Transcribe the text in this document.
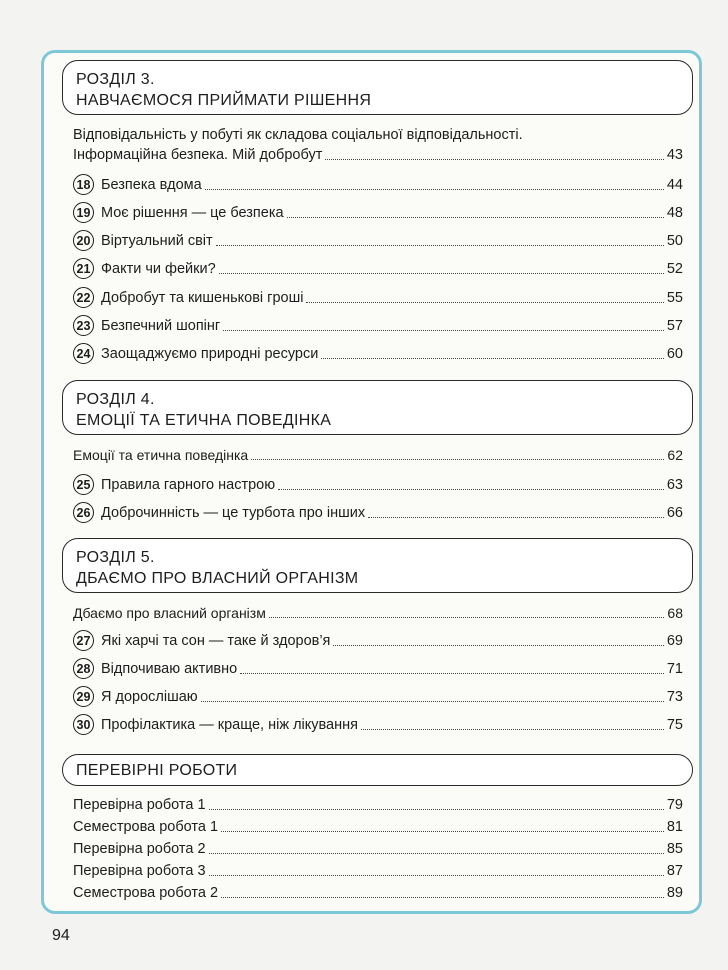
РОЗДІЛ 3.
НАВЧАЄМОСЯ ПРИЙМАТИ РІШЕННЯ
Відповідальність у побуті як складова соціальної відповідальності.
Інформаційна безпека. Мій добробут	43
18 Безпека вдома	44
19 Моє рішення — це безпека	48
20 Віртуальний світ	50
21 Факти чи фейки?	52
22 Добробут та кишенькові гроші	55
23 Безпечний шопінг	57
24 Заощаджуємо природні ресурси	60
РОЗДІЛ 4.
ЕМОЦІЇ ТА ЕТИЧНА ПОВЕДІНКА
Емоції та етична поведінка	62
25 Правила гарного настрою	63
26 Доброчинність — це турбота про інших	66
РОЗДІЛ 5.
ДБАЄМО ПРО ВЛАСНИЙ ОРГАНІЗМ
Дбаємо про власний організм	68
27 Які харчі та сон — таке й здоров’я	69
28 Відпочиваю активно	71
29 Я дорослішаю	73
30 Профілактика — краще, ніж лікування	75
ПЕРЕВІРНІ РОБОТИ
Перевірна робота 1	79
Семестрова робота 1	81
Перевірна робота 2	85
Перевірна робота 3	87
Семестрова робота 2	89
94
